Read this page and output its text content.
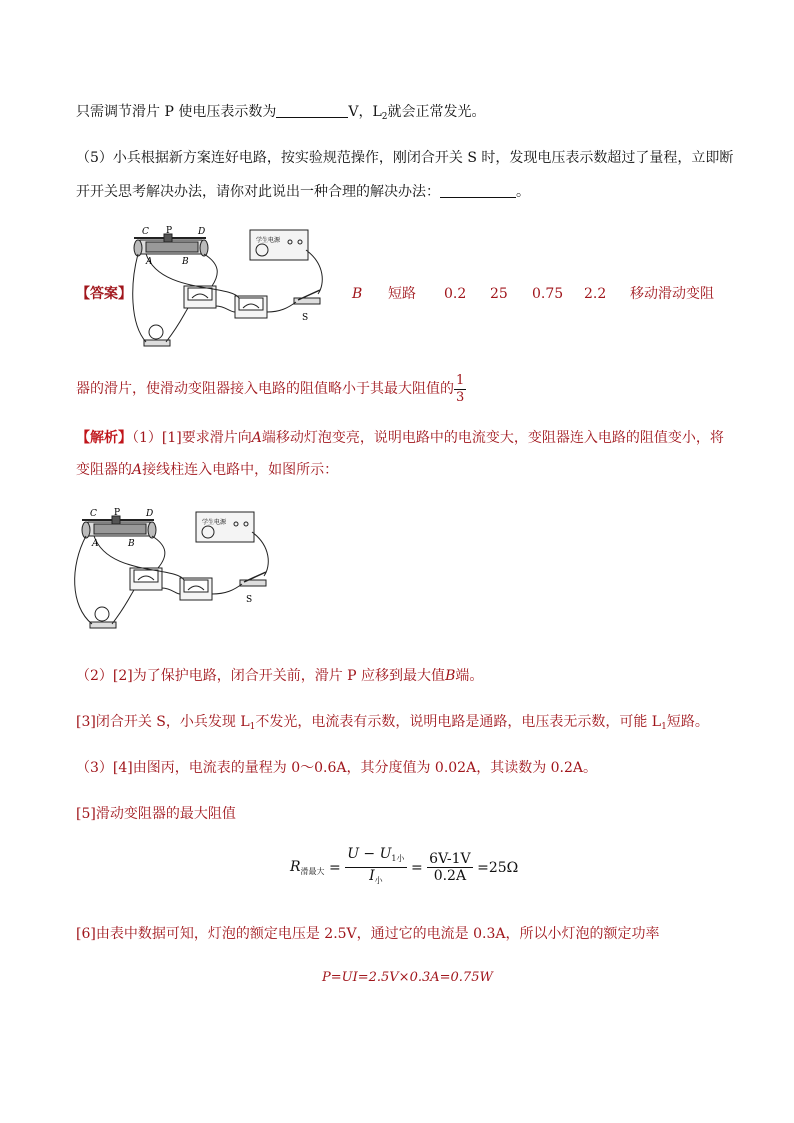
只需调节滑片 P 使电压表示数为	V，$L_2$就会正常发光。
（5）小兵根据新方案连好电路，按实验规范操作，刚闭合开关 S 时，发现电压表示数超过了量程，立即断
开开关思考解决办法，请你对此说出一种合理的解决办法：	。
【答案】
C P	D
A	B
S
学生电源
B 短路 0.2 25 0.75 2.2 移动滑动变阻
器的滑片，使滑动变阻器接入电路的阻值略小于其最大阻值的 $\frac{1}{3}$
【解析】（1）[1]要求滑片向A端移动灯泡变亮，说明电路中的电流变大，变阻器连入电路的阻值变小，将
变阻器的A接线柱连入电路中，如图所示：
C P	D
A	B
S
学生电源
（2）[2]为了保护电路，闭合开关前，滑片 P 应移到最大值B端。
[3]闭合开关 S，小兵发现 $L_1$不发光，电流表有示数，说明电路是通路，电压表无示数，可能 $L_1$短路。
（3）[4]由图丙，电流表的量程为 0～0.6A，其分度值为 0.02A，其读数为 0.2A。
[5]滑动变阻器的最大阻值
$R_{滑最大} = \frac{U - U_{1小}}{I_小} = \frac{6V-1V}{0.2A} =25\Omega$
[6]由表中数据可知，灯泡的额定电压是 2.5V，通过它的电流是 0.3A，所以小灯泡的额定功率
P=UI=2.5V×0.3A=0.75W
